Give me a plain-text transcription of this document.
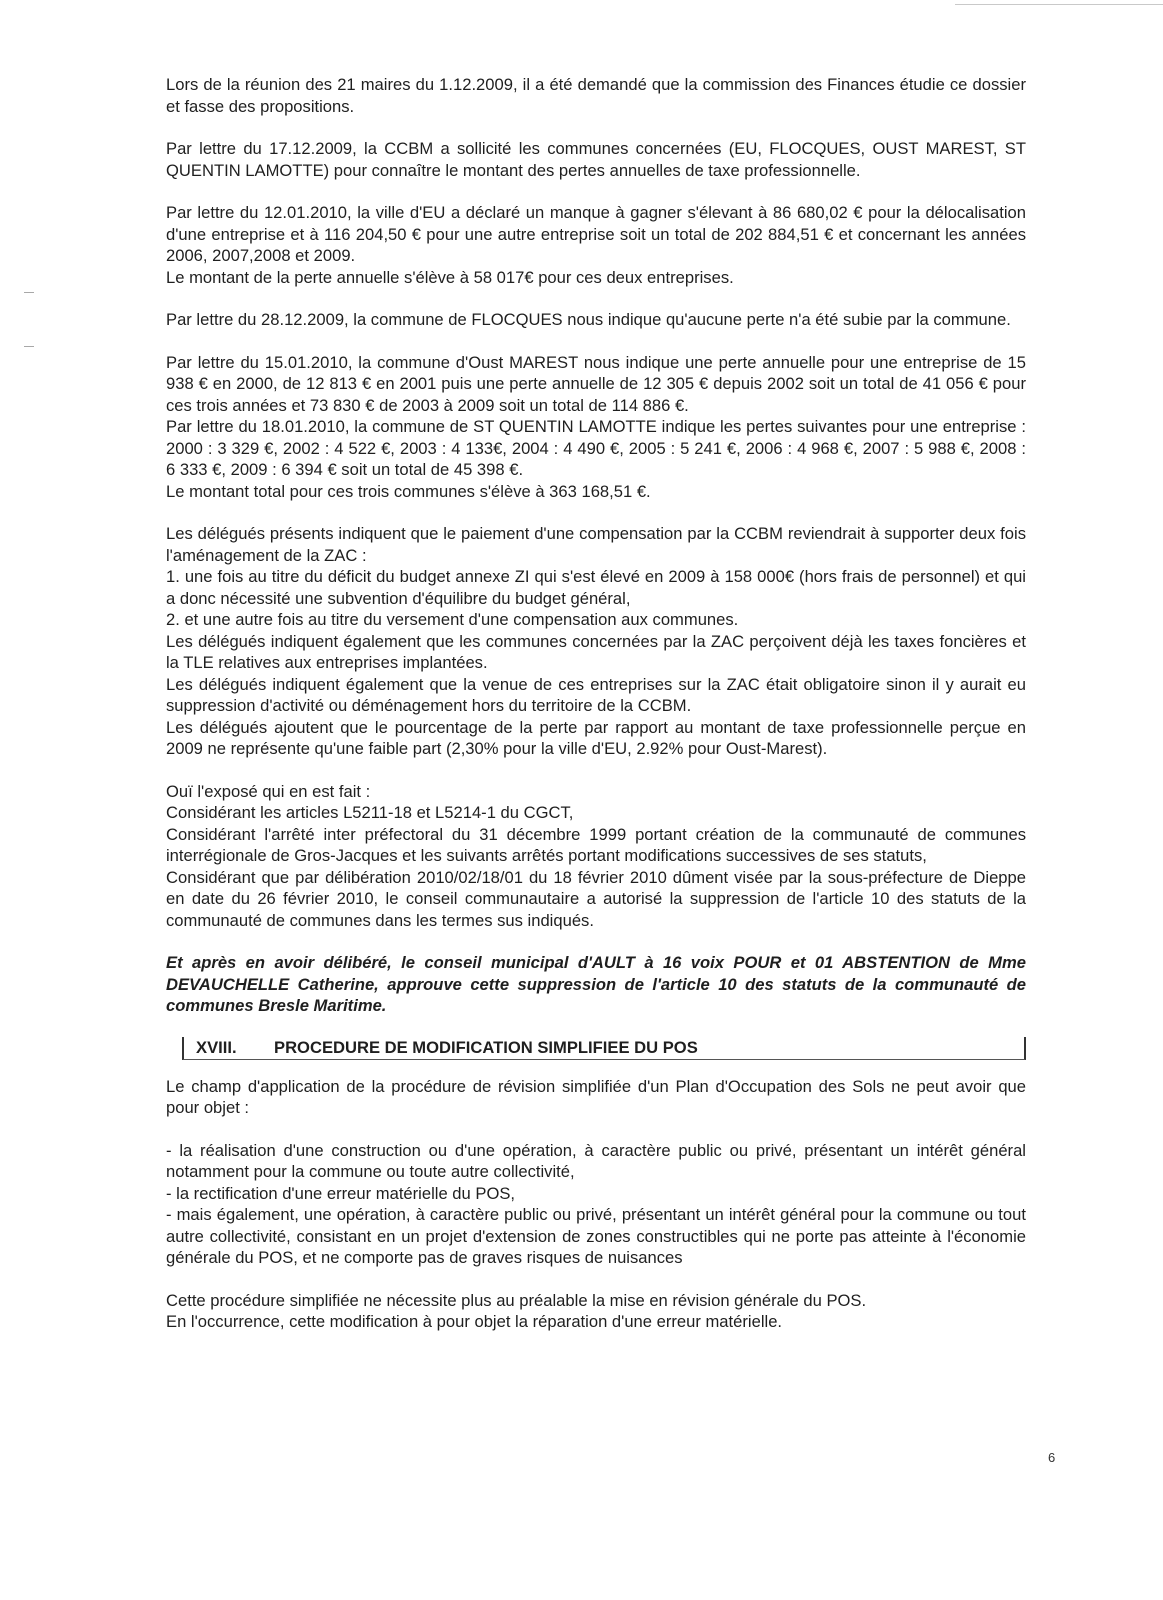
Lors de la réunion des 21 maires du 1.12.2009, il a été demandé que la commission des Finances étudie ce dossier et fasse des propositions.

Par lettre du 17.12.2009, la CCBM a sollicité les communes concernées (EU, FLOCQUES, OUST MAREST, ST QUENTIN LAMOTTE) pour connaître le montant des pertes annuelles de taxe professionnelle.

Par lettre du 12.01.2010, la ville d'EU a déclaré un manque à gagner s'élevant à 86 680,02 € pour la délocalisation d'une entreprise et à 116 204,50 € pour une autre entreprise soit un total de 202 884,51 € et concernant les années 2006, 2007,2008 et 2009.

Le montant de la perte annuelle s'élève à 58 017€ pour ces deux entreprises.

Par lettre du 28.12.2009, la commune de FLOCQUES nous indique qu'aucune perte n'a été subie par la commune.

Par lettre du 15.01.2010, la commune d'Oust MAREST nous indique une perte annuelle pour une entreprise de 15 938 € en 2000, de 12 813 € en 2001 puis une perte annuelle de 12 305 € depuis 2002 soit un total de 41 056 € pour ces trois années et 73 830 € de 2003 à 2009 soit un total de 114 886 €.

Par lettre du 18.01.2010, la commune de ST QUENTIN LAMOTTE indique les pertes suivantes pour une entreprise : 2000 : 3 329 €, 2002 : 4 522 €, 2003 : 4 133€, 2004 : 4 490 €, 2005 : 5 241 €, 2006 : 4 968 €, 2007 : 5 988 €, 2008 : 6 333 €, 2009 : 6 394 € soit un total de 45 398 €.

Le montant total pour ces trois communes s'élève à 363 168,51 €.

Les délégués présents indiquent que le paiement d'une compensation par la CCBM reviendrait à supporter deux fois l'aménagement de la ZAC :

1. une fois au titre du déficit du budget annexe ZI qui s'est élevé en 2009 à 158 000€ (hors frais de personnel) et qui a donc nécessité une subvention d'équilibre du budget général,

2. et une autre fois au titre du versement d'une compensation aux communes.

Les délégués indiquent également que les communes concernées par la ZAC perçoivent déjà les taxes foncières et la TLE relatives aux entreprises implantées.

Les délégués indiquent également que la venue de ces entreprises sur la ZAC était obligatoire sinon il y aurait eu suppression d'activité ou déménagement hors du territoire de la CCBM.

Les délégués ajoutent que le pourcentage de la perte par rapport au montant de taxe professionnelle perçue en 2009 ne représente qu'une faible part (2,30% pour la ville d'EU, 2.92% pour Oust-Marest).

Ouï l'exposé qui en est fait :

Considérant les articles L5211-18 et L5214-1 du CGCT,

Considérant l'arrêté inter préfectoral du 31 décembre 1999 portant création de la communauté de communes interrégionale de Gros-Jacques et les suivants arrêtés portant modifications successives de ses statuts,

Considérant que par délibération 2010/02/18/01 du 18 février 2010 dûment visée par la sous-préfecture de Dieppe en date du 26 février 2010, le conseil communautaire a autorisé la suppression de l'article 10 des statuts de la communauté de communes dans les termes sus indiqués.

Et après en avoir délibéré, le conseil municipal d'AULT à 16 voix POUR et 01 ABSTENTION de Mme DEVAUCHELLE Catherine, approuve cette suppression de l'article 10 des statuts de la communauté de communes Bresle Maritime.

XVIII. PROCEDURE DE MODIFICATION SIMPLIFIEE DU POS

Le champ d'application de la procédure de révision simplifiée d'un Plan d'Occupation des Sols ne peut avoir que pour objet :

- la réalisation d'une construction ou d'une opération, à caractère public ou privé, présentant un intérêt général notamment pour la commune ou toute autre collectivité,

- la rectification d'une erreur matérielle du POS,

- mais également, une opération, à caractère public ou privé, présentant un intérêt général pour la commune ou tout autre collectivité, consistant en un projet d'extension de zones constructibles qui ne porte pas atteinte à l'économie générale du POS, et ne comporte pas de graves risques de nuisances

Cette procédure simplifiée ne nécessite plus au préalable la mise en révision générale du POS.

En l'occurrence, cette modification à pour objet la réparation d'une erreur matérielle.

6
